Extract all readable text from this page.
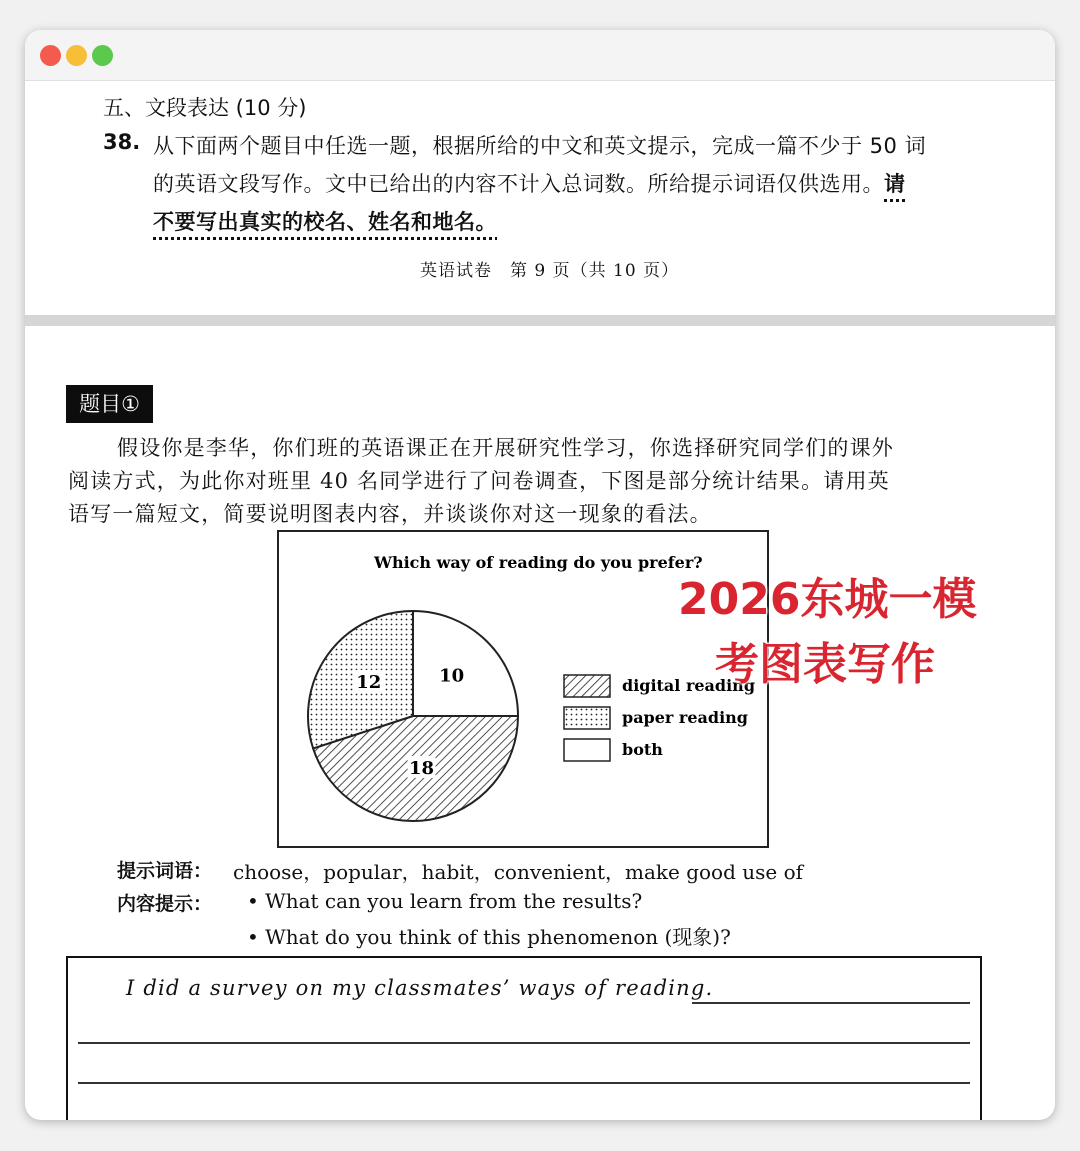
五、文段表达 (10 分)
38. 从下面两个题目中任选一题，根据所给的中文和英文提示，完成一篇不少于 50 词
的英语文段写作。文中已给出的内容不计入总词数。所给提示词语仅供选用。请
不要写出真实的校名、姓名和地名。
英语试卷　第 9 页（共 10 页）
题目①
假设你是李华，你们班的英语课正在开展研究性学习，你选择研究同学们的课外
阅读方式，为此你对班里 40 名同学进行了问卷调查，下图是部分统计结果。请用英
语写一篇短文，简要说明图表内容，并谈谈你对这一现象的看法。
Which way of reading do you prefer?
10
18
12	digital reading
paper reading
both
2026东城一模
考图表写作
提示词语： choose，popular，habit，convenient，make good use of
内容提示： • What can you learn from the results?
• What do you think of this phenomenon (现象)?
I did a survey on my classmates’ ways of reading.
